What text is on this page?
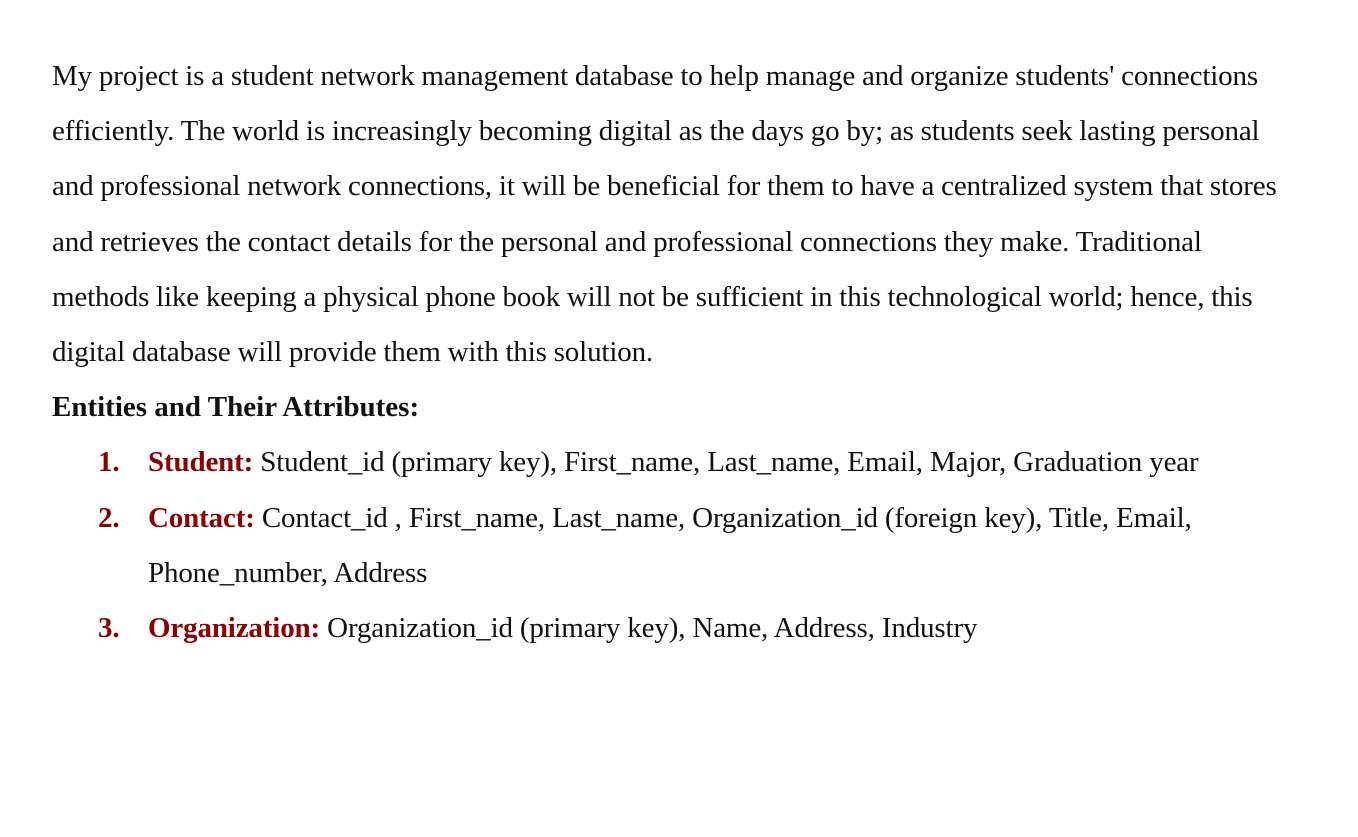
My project is a student network management database to help manage and organize students' connections efficiently. The world is increasingly becoming digital as the days go by; as students seek lasting personal and professional network connections, it will be beneficial for them to have a centralized system that stores and retrieves the contact details for the personal and professional connections they make. Traditional methods like keeping a physical phone book will not be sufficient in this technological world; hence, this digital database will provide them with this solution.

Entities and Their Attributes:

1. Student: Student_id (primary key), First_name, Last_name, Email, Major, Graduation year
2. Contact: Contact_id , First_name, Last_name, Organization_id (foreign key), Title, Email, Phone_number, Address
3. Organization: Organization_id (primary key), Name, Address, Industry
